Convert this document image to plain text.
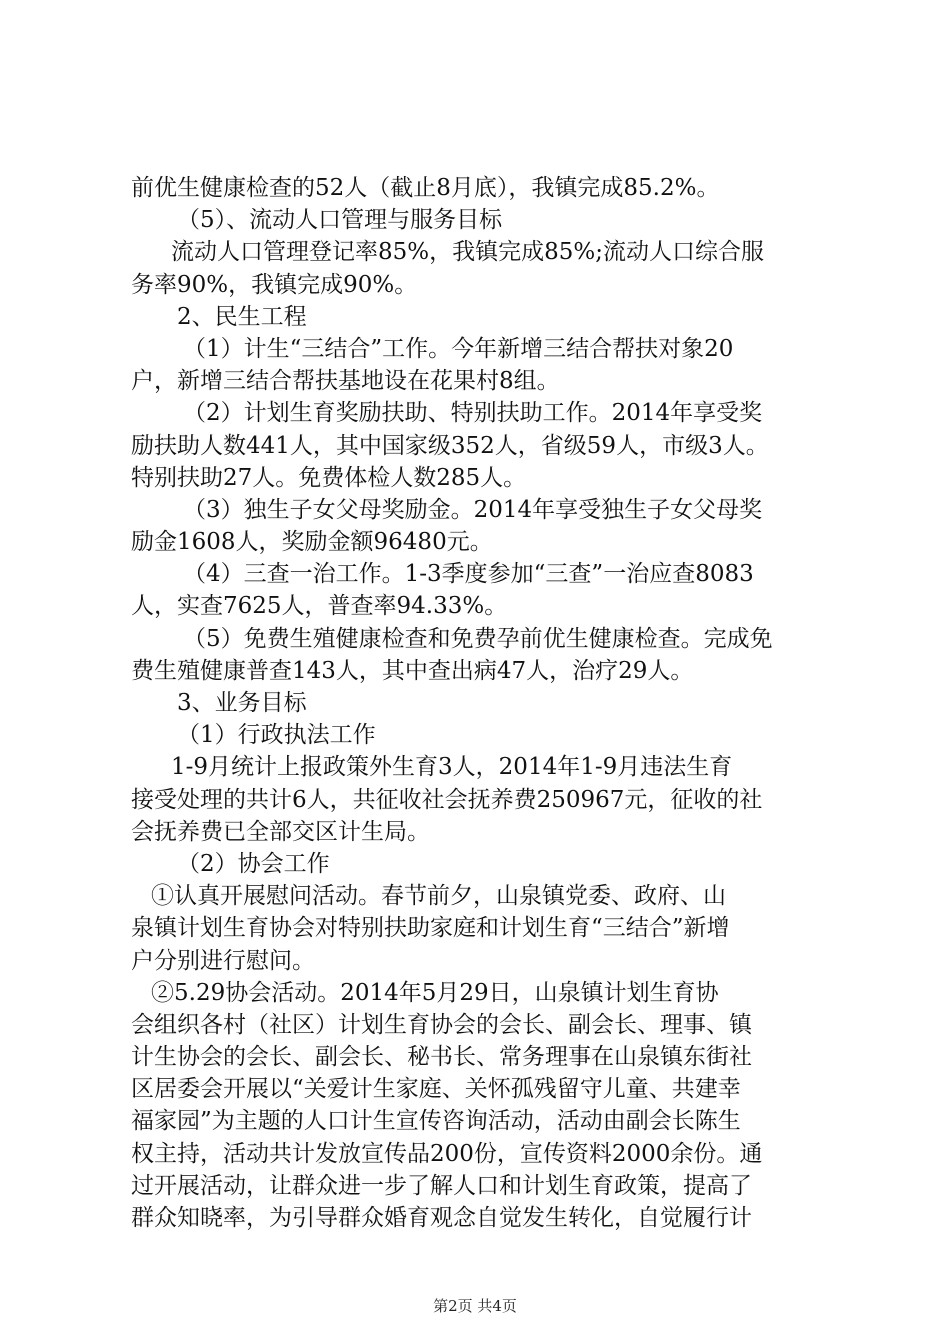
前优生健康检查的52人（截止8月底），我镇完成85.2%。
（5）、流动人口管理与服务目标
流动人口管理登记率85%，我镇完成85%;流动人口综合服
务率90%，我镇完成90%。
2、民生工程
（1）计生“三结合”工作。今年新增三结合帮扶对象20
户，新增三结合帮扶基地设在花果村8组。
（2）计划生育奖励扶助、特别扶助工作。2014年享受奖
励扶助人数441人，其中国家级352人，省级59人，市级3人。
特别扶助27人。免费体检人数285人。
（3）独生子女父母奖励金。2014年享受独生子女父母奖
励金1608人，奖励金额96480元。
（4）三查一治工作。1-3季度参加“三查”一治应查8083
人，实查7625人，普查率94.33%。
（5）免费生殖健康检查和免费孕前优生健康检查。完成免
费生殖健康普查143人，其中查出病47人，治疗29人。
3、业务目标
（1）行政执法工作
1-9月统计上报政策外生育3人，2014年1-9月违法生育
接受处理的共计6人，共征收社会抚养费250967元，征收的社
会抚养费已全部交区计生局。
（2）协会工作
①认真开展慰问活动。春节前夕，山泉镇党委、政府、山
泉镇计划生育协会对特别扶助家庭和计划生育“三结合”新增
户分别进行慰问。
②5.29协会活动。2014年5月29日，山泉镇计划生育协
会组织各村（社区）计划生育协会的会长、副会长、理事、镇
计生协会的会长、副会长、秘书长、常务理事在山泉镇东街社
区居委会开展以“关爱计生家庭、关怀孤残留守儿童、共建幸
福家园”为主题的人口计生宣传咨询活动，活动由副会长陈生
权主持，活动共计发放宣传品200份，宣传资料2000余份。通
过开展活动，让群众进一步了解人口和计划生育政策，提高了
群众知晓率，为引导群众婚育观念自觉发生转化，自觉履行计
第2页 共4页
